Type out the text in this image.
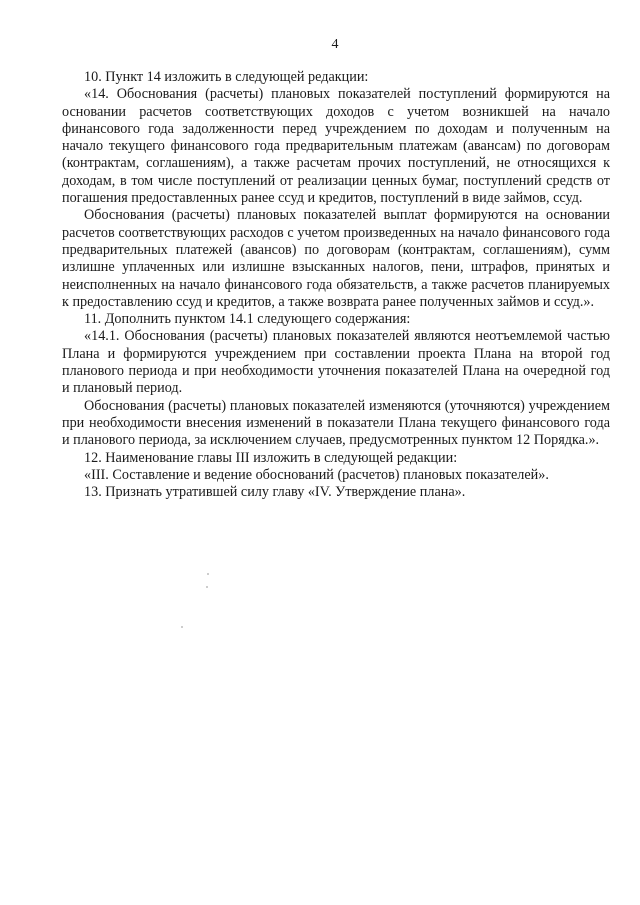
4

10. Пункт 14 изложить в следующей редакции:

«14. Обоснования (расчеты) плановых показателей поступлений формируются на основании расчетов соответствующих доходов с учетом возникшей на начало финансового года задолженности перед учреждением по доходам и полученным на начало текущего финансового года предварительным платежам (авансам) по договорам (контрактам, соглашениям), а также расчетам прочих поступлений, не относящихся к доходам, в том числе поступлений от реализации ценных бумаг, поступлений средств от погашения предоставленных ранее ссуд и кредитов, поступлений в виде займов, ссуд.

Обоснования (расчеты) плановых показателей выплат формируются на основании расчетов соответствующих расходов с учетом произведенных на начало финансового года предварительных платежей (авансов) по договорам (контрактам, соглашениям), сумм излишне уплаченных или излишне взысканных налогов, пени, штрафов, принятых и неисполненных на начало финансового года обязательств, а также расчетов планируемых к предоставлению ссуд и кредитов, а также возврата ранее полученных займов и ссуд.».

11. Дополнить пунктом 14.1 следующего содержания:

«14.1. Обоснования (расчеты) плановых показателей являются неотъемлемой частью Плана и формируются учреждением при составлении проекта Плана на второй год планового периода и при необходимости уточнения показателей Плана на очередной год и плановый период.

Обоснования (расчеты) плановых показателей изменяются (уточняются) учреждением при необходимости внесения изменений в показатели Плана текущего финансового года и планового периода, за исключением случаев, предусмотренных пунктом 12 Порядка.».

12. Наименование главы III изложить в следующей редакции:

«III. Составление и ведение обоснований (расчетов) плановых показателей».

13. Признать утратившей силу главу «IV. Утверждение плана».
